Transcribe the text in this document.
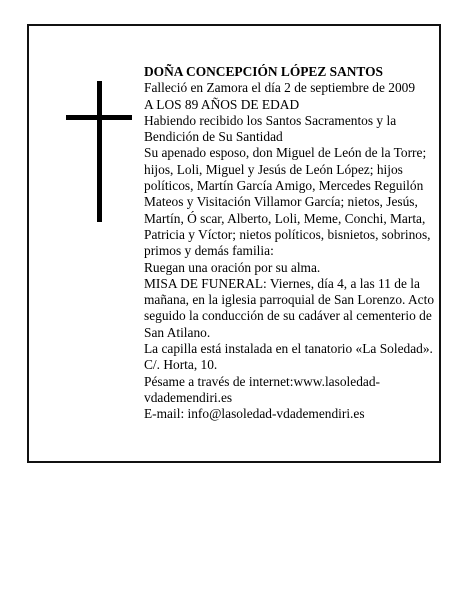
DOÑA CONCEPCIÓN LÓPEZ SANTOS

Falleció en Zamora el día 2 de septiembre de 2009

A LOS 89 AÑOS DE EDAD

Habiendo recibido los Santos Sacramentos y la Bendición de Su Santidad

Su apenado esposo, don Miguel de León de la Torre; hijos, Loli, Miguel y Jesús de León López; hijos políticos, Martín García Amigo, Mercedes Reguilón Mateos y Visitación Villamor García; nietos, Jesús, Martín, Ó scar, Alberto, Loli, Meme, Conchi, Marta, Patricia y Víctor; nietos políticos, bisnietos, sobrinos, primos y demás familia:

Ruegan una oración por su alma.

MISA DE FUNERAL: Viernes, día 4, a las 11 de la mañana, en la iglesia parroquial de San Lorenzo. Acto seguido la conducción de su cadáver al cementerio de San Atilano.

La capilla está instalada en el tanatorio «La Soledad». C/. Horta, 10.

Pésame a través de internet:www.lasoledad-vdademendiri.es

E-mail: info@lasoledad-vdademendiri.es
